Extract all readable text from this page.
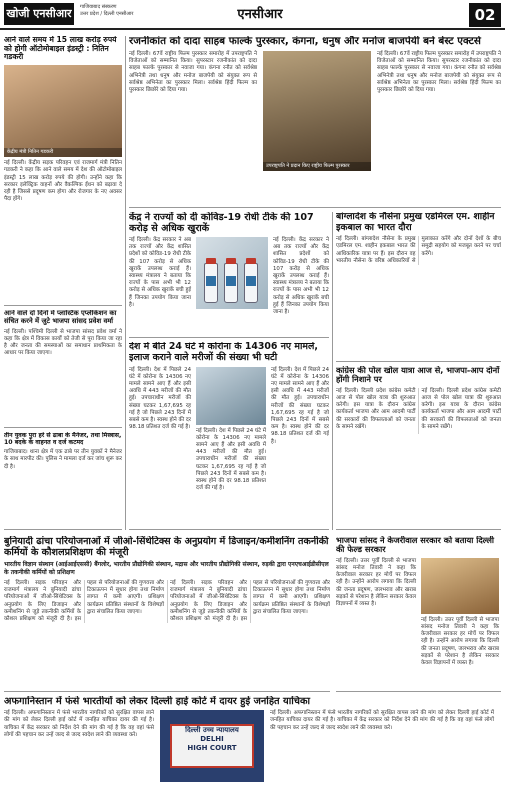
खोजी एनसीआर	गाजियाबाद संस्करण
उत्तर प्रदेश / दिल्ली एनसीआर	एनसीआर	02
आने वाले समय में 15 लाख करोड़ रुपये को होगी ऑटोमोबाइल इंडस्ट्री : नितिन गडकरी
केंद्रीय मंत्री नितिन गडकरी

नई दिल्ली। केंद्रीय सड़क परिवहन एवं राजमार्ग मंत्री नितिन गडकरी ने कहा कि आने वाले समय में देश की ऑटोमोबाइल इंडस्ट्री 15 लाख करोड़ रुपये की होगी। उन्होंने कहा कि सरकार इलेक्ट्रिक वाहनों और वैकल्पिक ईंधन को बढ़ावा दे रही है जिससे प्रदूषण कम होगा और रोजगार के नए अवसर पैदा होंगे।

आने वाले दो दिनों में प्लास्टिक एप्लीकेशन का संचित करने में जुटे भाजपा सांसद प्रवेश वर्मा

नई दिल्ली। पश्चिमी दिल्ली से भाजपा सांसद प्रवेश वर्मा ने कहा कि क्षेत्र में विकास कार्यों को तेजी से पूरा किया जा रहा है और जनता की समस्याओं का समाधान प्राथमिकता के आधार पर किया जाएगा।

तीन युवक पुरा हरे से ढाबा के मैनेजर, तथा मिस्त्रास, 10 बदके के वाहनत व दर्ज कटमद

गाजियाबाद। थाना क्षेत्र में एक ढाबे पर तीन युवकों ने मैनेजर के साथ मारपीट की। पुलिस ने मामला दर्ज कर जांच शुरू कर दी है।

रजनीकांत को दादा साहब फाल्के पुरस्कार, कंगना, धनुष और मनोज बाजपेयी बने बेस्ट एक्टर्स

नई दिल्ली। 67वें राष्ट्रीय फिल्म पुरस्कार समारोह में उपराष्ट्रपति ने विजेताओं को सम्मानित किया। सुपरस्टार रजनीकांत को दादा साहब फाल्के पुरस्कार से नवाजा गया। कंगना रनौत को सर्वश्रेष्ठ अभिनेत्री तथा धनुष और मनोज बाजपेयी को संयुक्त रूप से सर्वश्रेष्ठ अभिनेता का पुरस्कार मिला। सर्वश्रेष्ठ हिंदी फिल्म का पुरस्कार छिछोरे को दिया गया।

उपराष्ट्रपति ने प्रदान किए राष्ट्रीय फिल्म पुरस्कार

नई दिल्ली। 67वें राष्ट्रीय फिल्म पुरस्कार समारोह में उपराष्ट्रपति ने विजेताओं को सम्मानित किया। सुपरस्टार रजनीकांत को दादा साहब फाल्के पुरस्कार से नवाजा गया। कंगना रनौत को सर्वश्रेष्ठ अभिनेत्री तथा धनुष और मनोज बाजपेयी को संयुक्त रूप से सर्वश्रेष्ठ अभिनेता का पुरस्कार मिला। सर्वश्रेष्ठ हिंदी फिल्म का पुरस्कार छिछोरे को दिया गया।

केंद्र ने राज्यों को दी कोविड-19 रोधी टीके की 107 करोड़ से अधिक खुराकें

नई दिल्ली। केंद्र सरकार ने अब तक राज्यों और केंद्र शासित प्रदेशों को कोविड-19 रोधी टीके की 107 करोड़ से अधिक खुराकें उपलब्ध कराई हैं। स्वास्थ्य मंत्रालय ने बताया कि राज्यों के पास अभी भी 12 करोड़ से अधिक खुराकें बची हुई हैं जिनका उपयोग किया जाना है।

नई दिल्ली। केंद्र सरकार ने अब तक राज्यों और केंद्र शासित प्रदेशों को कोविड-19 रोधी टीके की 107 करोड़ से अधिक खुराकें उपलब्ध कराई हैं। स्वास्थ्य मंत्रालय ने बताया कि राज्यों के पास अभी भी 12 करोड़ से अधिक खुराकें बची हुई हैं जिनका उपयोग किया जाना है।

देश में बीते 24 घंटे में कोरोना के 14306 नए मामले, इलाज कराने वाले मरीजों की संख्या भी घटी

नई दिल्ली। देश में पिछले 24 घंटे में कोरोना के 14306 नए मामले सामने आए हैं और इसी अवधि में 443 मरीजों की मौत हुई। उपचाराधीन मरीजों की संख्या घटकर 1,67,695 रह गई है जो पिछले 243 दिनों में सबसे कम है। स्वस्थ होने की दर 98.18 प्रतिशत दर्ज की गई है।

नई दिल्ली। देश में पिछले 24 घंटे में कोरोना के 14306 नए मामले सामने आए हैं और इसी अवधि में 443 मरीजों की मौत हुई। उपचाराधीन मरीजों की संख्या घटकर 1,67,695 रह गई है जो पिछले 243 दिनों में सबसे कम है। स्वस्थ होने की दर 98.18 प्रतिशत दर्ज की गई है।

नई दिल्ली। देश में पिछले 24 घंटे में कोरोना के 14306 नए मामले सामने आए हैं और इसी अवधि में 443 मरीजों की मौत हुई। उपचाराधीन मरीजों की संख्या घटकर 1,67,695 रह गई है जो पिछले 243 दिनों में सबसे कम है। स्वस्थ होने की दर 98.18 प्रतिशत दर्ज की गई है।

बांग्लादेश के नौसेना प्रमुख एडमिरल एम. शाहीन इकबाल का भारत दौरा

नई दिल्ली। बांग्लादेश नौसेना के प्रमुख एडमिरल एम. शाहीन इकबाल भारत की आधिकारिक यात्रा पर हैं। इस दौरान वह भारतीय नौसेना के वरिष्ठ अधिकारियों से मुलाकात करेंगे और दोनों देशों के बीच समुद्री सहयोग को मजबूत करने पर चर्चा करेंगे।

कांग्रेस की पोल खोल यात्रा आज से, भाजपा-आप दोनों होंगी निशाने पर

नई दिल्ली। दिल्ली प्रदेश कांग्रेस कमेटी आज से पोल खोल यात्रा की शुरुआत करेगी। इस यात्रा के दौरान कांग्रेस कार्यकर्ता भाजपा और आम आदमी पार्टी की सरकारों की विफलताओं को जनता के सामने रखेंगे।

नई दिल्ली। दिल्ली प्रदेश कांग्रेस कमेटी आज से पोल खोल यात्रा की शुरुआत करेगी। इस यात्रा के दौरान कांग्रेस कार्यकर्ता भाजपा और आम आदमी पार्टी की सरकारों की विफलताओं को जनता के सामने रखेंगे।

बुनियादी ढांचा परियोजनाओं में जीओ-सिंथेटिक्स के अनुप्रयोग में डिजाइन/कमीशनिंग तकनीकी कर्मियों के कौशलप्रशिक्षण की मंजूरी
भारतीय विज्ञान संस्थान (आईआईएससी) बैंगलोर, भारतीय प्रौद्योगिकी संस्थान, मद्रास और भारतीय प्रौद्योगिकी संस्थान, रुड़की द्वारा एनएचआईडीसीएल के तकनीकी कर्मियों को प्रशिक्षण

नई दिल्ली। सड़क परिवहन और राजमार्ग मंत्रालय ने बुनियादी ढांचा परियोजनाओं में जीओ-सिंथेटिक्स के अनुप्रयोग के लिए डिजाइन और कमीशनिंग से जुड़े तकनीकी कर्मियों के कौशल प्रशिक्षण को मंजूरी दी है। इस पहल से परियोजनाओं की गुणवत्ता और टिकाऊपन में सुधार होगा तथा निर्माण लागत में कमी आएगी। प्रशिक्षण कार्यक्रम प्रतिष्ठित संस्थानों के विशेषज्ञों द्वारा संचालित किया जाएगा।

नई दिल्ली। सड़क परिवहन और राजमार्ग मंत्रालय ने बुनियादी ढांचा परियोजनाओं में जीओ-सिंथेटिक्स के अनुप्रयोग के लिए डिजाइन और कमीशनिंग से जुड़े तकनीकी कर्मियों के कौशल प्रशिक्षण को मंजूरी दी है। इस पहल से परियोजनाओं की गुणवत्ता और टिकाऊपन में सुधार होगा तथा निर्माण लागत में कमी आएगी। प्रशिक्षण कार्यक्रम प्रतिष्ठित संस्थानों के विशेषज्ञों द्वारा संचालित किया जाएगा।

भाजपा सांसद ने केजरीवाल सरकार को बताया दिल्ली की फेल्ड सरकार

नई दिल्ली। उत्तर पूर्वी दिल्ली से भाजपा सांसद मनोज तिवारी ने कहा कि केजरीवाल सरकार हर मोर्चे पर विफल रही है। उन्होंने आरोप लगाया कि दिल्ली की जनता प्रदूषण, जलभराव और खराब सड़कों से परेशान है लेकिन सरकार केवल विज्ञापनों में व्यस्त है।

नई दिल्ली। उत्तर पूर्वी दिल्ली से भाजपा सांसद मनोज तिवारी ने कहा कि केजरीवाल सरकार हर मोर्चे पर विफल रही है। उन्होंने आरोप लगाया कि दिल्ली की जनता प्रदूषण, जलभराव और खराब सड़कों से परेशान है लेकिन सरकार केवल विज्ञापनों में व्यस्त है।

अफगानिस्तान में फंसे भारतीयों को लेकर दिल्ली हाई कोर्ट में दायर हुई जनहित याचिका

नई दिल्ली। अफगानिस्तान में फंसे भारतीय नागरिकों को सुरक्षित वापस लाने की मांग को लेकर दिल्ली हाई कोर्ट में जनहित याचिका दायर की गई है। याचिका में केंद्र सरकार को निर्देश देने की मांग की गई है कि वह वहां फंसे लोगों की पहचान कर उन्हें जल्द से जल्द स्वदेश लाने की व्यवस्था करे।

दिल्ली उच्च न्यायालय
DELHI
HIGH COURT

नई दिल्ली। अफगानिस्तान में फंसे भारतीय नागरिकों को सुरक्षित वापस लाने की मांग को लेकर दिल्ली हाई कोर्ट में जनहित याचिका दायर की गई है। याचिका में केंद्र सरकार को निर्देश देने की मांग की गई है कि वह वहां फंसे लोगों की पहचान कर उन्हें जल्द से जल्द स्वदेश लाने की व्यवस्था करे।
